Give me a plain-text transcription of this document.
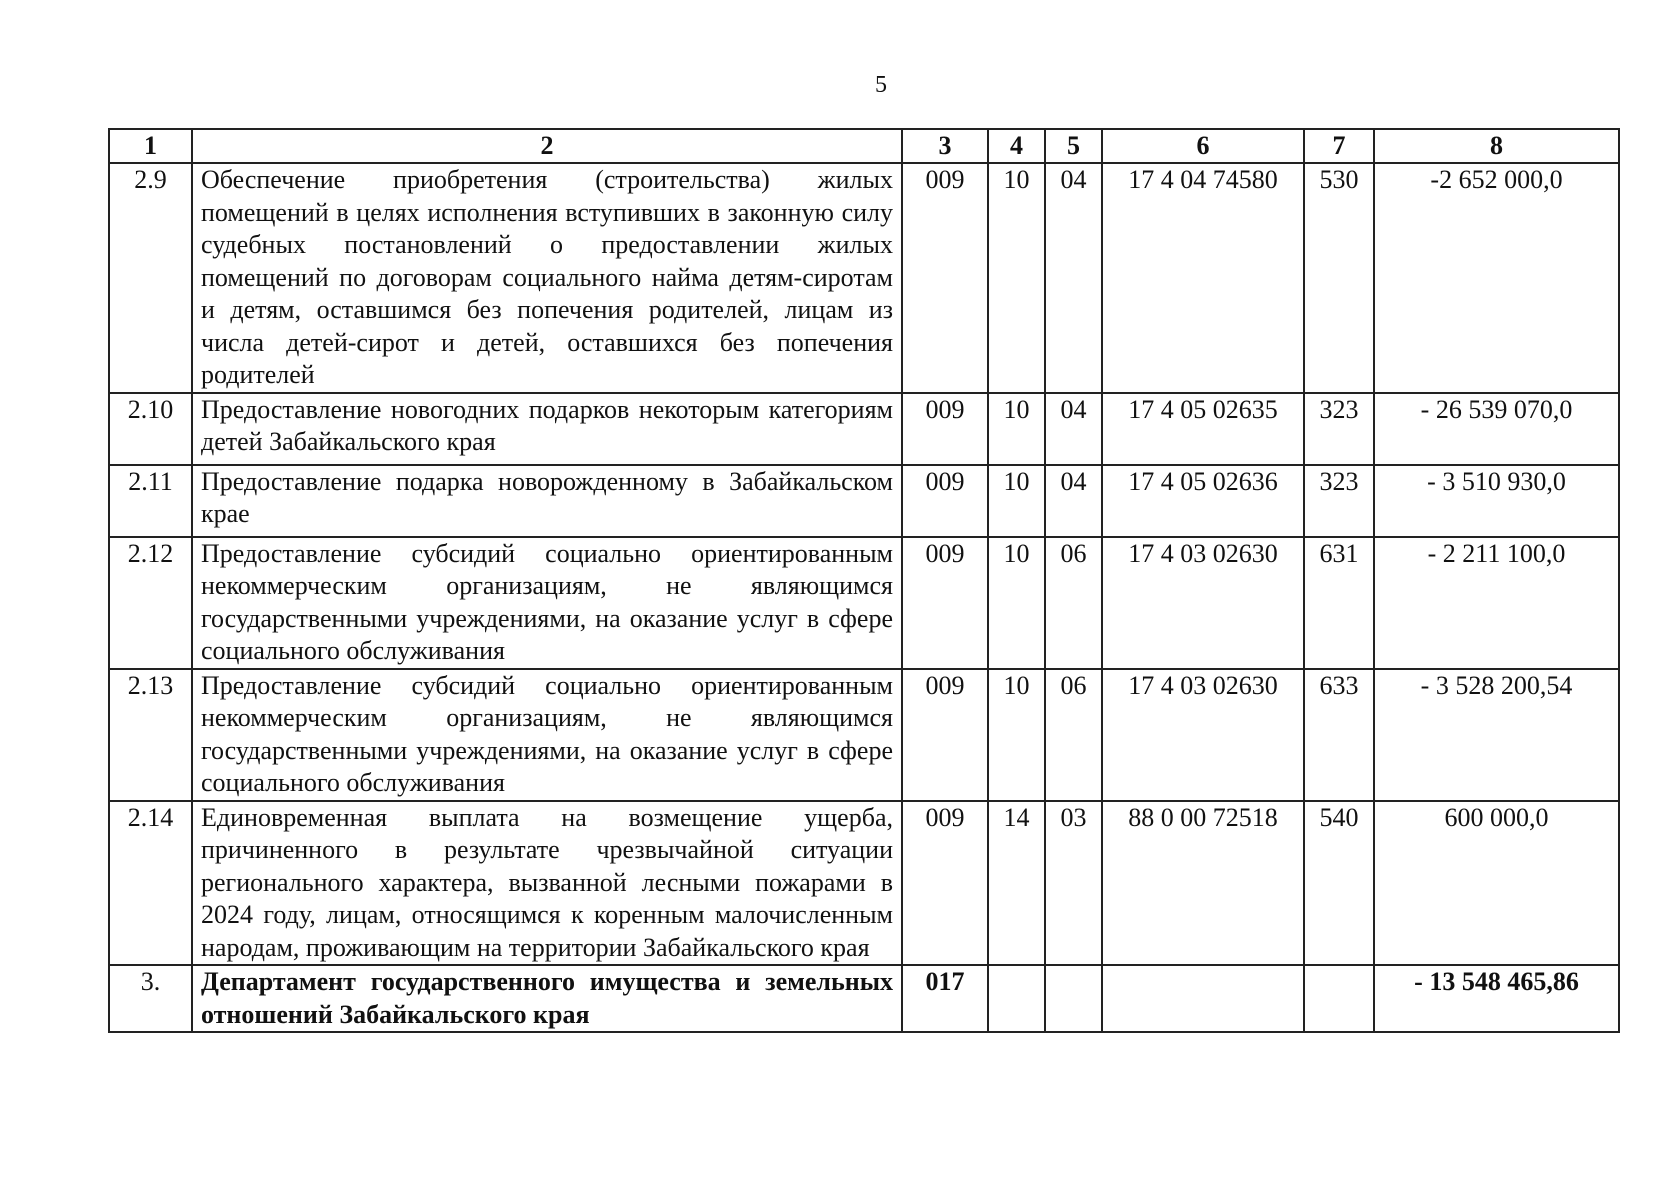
5
1	2	3	4	5	6	7	8
2.9	Обеспечение приобретения (строительства) жилых помещений в целях исполнения вступивших в законную силу судебных постановлений о предоставлении жилых помещений по договорам социального найма детям-сиротам и детям, оставшимся без попечения родителей, лицам из числа детей-сирот и детей, оставшихся без попечения родителей	009	10	04	17 4 04 74580	530	-2 652 000,0
2.10	Предоставление новогодних подарков некоторым категориям детей Забайкальского края	009	10	04	17 4 05 02635	323	- 26 539 070,0
2.11	Предоставление подарка новорожденному в Забайкальском крае	009	10	04	17 4 05 02636	323	- 3 510 930,0
2.12	Предоставление субсидий социально ориентированным некоммерческим организациям, не являющимся государственными учреждениями, на оказание услуг в сфере социального обслуживания	009	10	06	17 4 03 02630	631	- 2 211 100,0
2.13	Предоставление субсидий социально ориентированным некоммерческим организациям, не являющимся государственными учреждениями, на оказание услуг в сфере социального обслуживания	009	10	06	17 4 03 02630	633	- 3 528 200,54
2.14	Единовременная выплата на возмещение ущерба, причиненного в результате чрезвычайной ситуации регионального характера, вызванной лесными пожарами в 2024 году, лицам, относящимся к коренным малочисленным народам, проживающим на территории Забайкальского края	009	14	03	88 0 00 72518	540	600 000,0
3.	Департамент государственного имущества и земельных отношений Забайкальского края	017					- 13 548 465,86
